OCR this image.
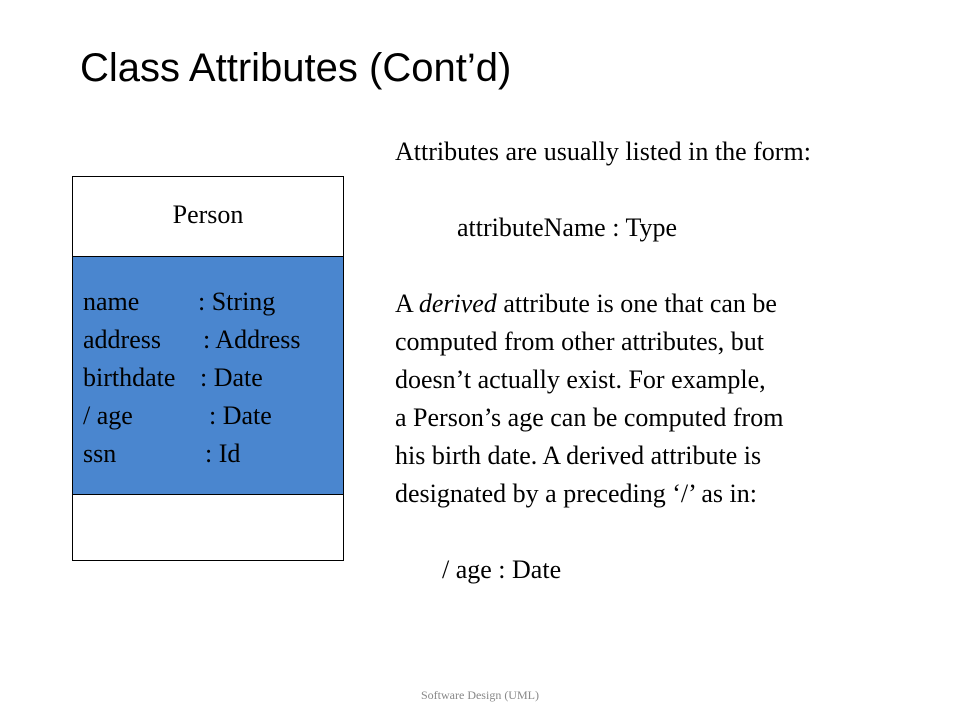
Class Attributes (Cont’d)
Person
name : String
address : Address
birthdate : Date
/ age	: Date
ssn	: Id
Attributes are usually listed in the form:
attributeName : Type
A derived attribute is one that can be
computed from other attributes, but
doesn’t actually exist. For example,
a Person’s age can be computed from
his birth date. A derived attribute is
designated by a preceding ‘/’ as in:
/ age : Date
Software Design (UML)
